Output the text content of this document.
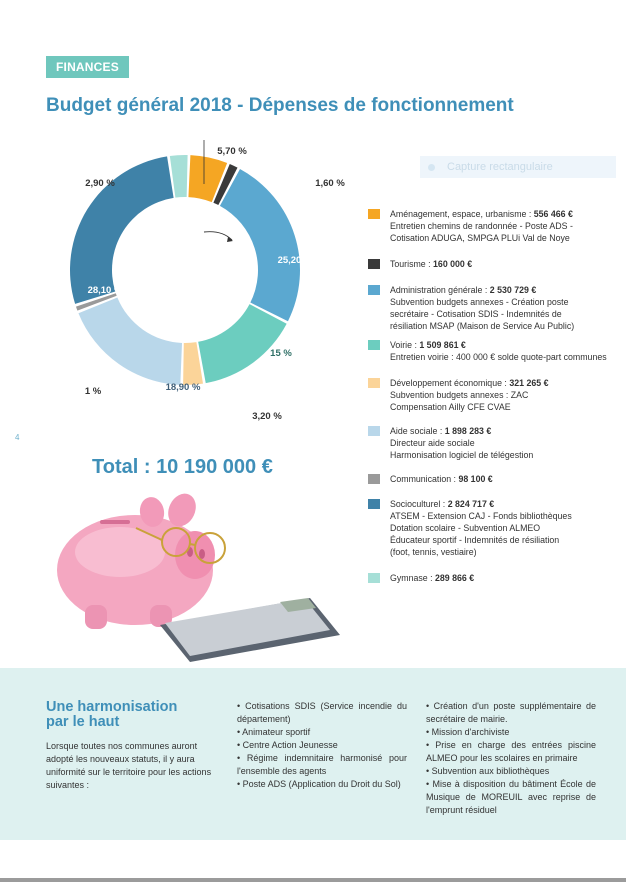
FINANCES
Budget général 2018 - Dépenses de fonctionnement
Capture rectangulaire
5,70 %
1,60 %
25,20 %
15 %
3,20 %
18,90 %
1 %
28,10 %
2,90 %
4
Total : 10 190 000 €
Aménagement, espace, urbanisme : 556 466 €
Entretien chemins de randonnée - Poste ADS -
Cotisation ADUGA, SMPGA PLUi Val de Noye
Tourisme : 160 000 €
Administration générale : 2 530 729 €
Subvention budgets annexes - Création poste
secrétaire - Cotisation SDIS - Indemnités de
résiliation MSAP (Maison de Service Au Public)
Voirie : 1 509 861 €
Entretien voirie : 400 000 € solde quote-part communes
Développement économique : 321 265 €
Subvention budgets annexes : ZAC
Compensation Ailly CFE CVAE
Aide sociale : 1 898 283 €
Directeur aide sociale
Harmonisation logiciel de télégestion
Communication : 98 100 €
Socioculturel : 2 824 717 €
ATSEM - Extension CAJ - Fonds bibliothèques
Dotation scolaire - Subvention ALMEO
Éducateur sportif - Indemnités de résiliation
(foot, tennis, vestiaire)
Gymnase : 289 866 €
Une harmonisation
par le haut
Lorsque toutes nos communes auront adopté les nouveaux statuts, il y aura uniformité sur le territoire pour les actions suivantes :
• Cotisations SDIS (Service incendie du département)
• Animateur sportif
• Centre Action Jeunesse
• Régime indemnitaire harmonisé pour l'ensemble des agents
• Poste ADS (Application du Droit du Sol)
• Création d'un poste supplémentaire de secrétaire de mairie.
• Mission d'archiviste
• Prise en charge des entrées piscine ALMEO pour les scolaires en primaire
• Subvention aux bibliothèques
• Mise à disposition du bâtiment École de Musique de MOREUIL avec reprise de l'emprunt résiduel
